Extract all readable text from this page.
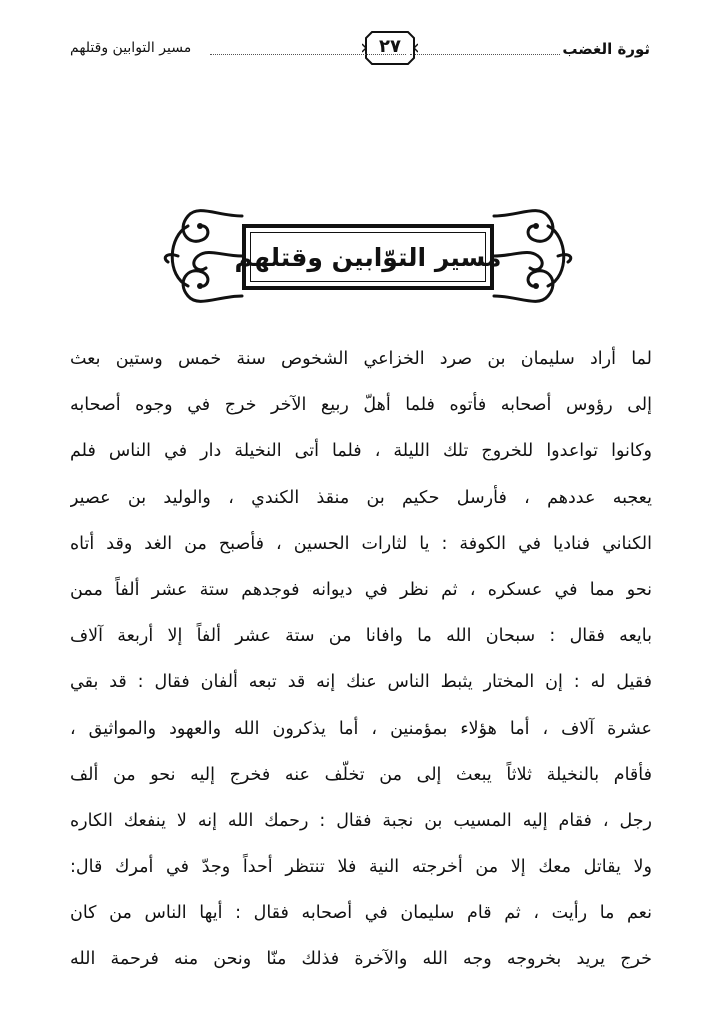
ثورة الغضب
٢٧
مسير التوابين وقتلهم
مسير التوّابين وقتلهم
لما أراد سليمان بن صرد الخزاعي الشخوص سنة خمس وستين بعث
إلى رؤوس أصحابه فأتوه فلما أهلّ ربيع الآخر خرج في وجوه أصحابه
وكانوا تواعدوا للخروج تلك الليلة ، فلما أتى النخيلة دار في الناس فلم
يعجبه عددهم ، فأرسل حكيم بن منقذ الكندي ، والوليد بن عصير
الكناني فناديا في الكوفة : يا لثارات الحسين ، فأصبح من الغد وقد أتاه
نحو مما في عسكره ، ثم نظر في ديوانه فوجدهم ستة عشر ألفاً ممن
بايعه فقال : سبحان الله ما وافانا من ستة عشر ألفاً إلا أربعة آلاف
فقيل له : إن المختار يثبط الناس عنك إنه قد تبعه ألفان فقال : قد بقي
عشرة آلاف ، أما هؤلاء بمؤمنين ، أما يذكرون الله والعهود والمواثيق ،
فأقام بالنخيلة ثلاثاً يبعث إلى من تخلّف عنه فخرج إليه نحو من ألف
رجل ، فقام إليه المسيب بن نجبة فقال : رحمك الله إنه لا ينفعك الكاره
ولا يقاتل معك إلا من أخرجته النية فلا تنتظر أحداً وجدّ في أمرك قال:
نعم ما رأيت ، ثم قام سليمان في أصحابه فقال : أيها الناس من كان
خرج يريد بخروجه وجه الله والآخرة فذلك منّا ونحن منه فرحمة الله
